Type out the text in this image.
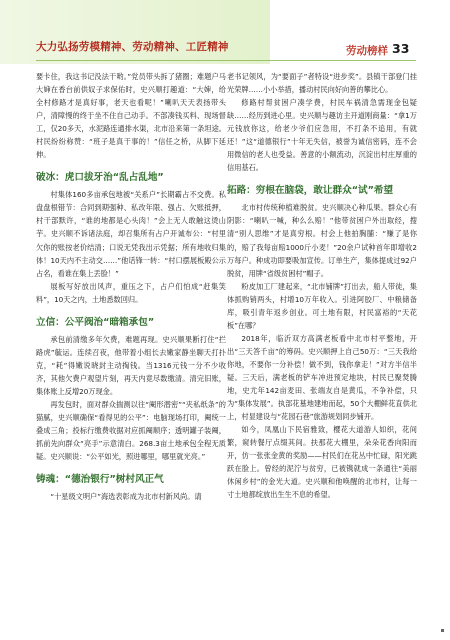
大力弘扬劳模精神、劳动精神、工匠精神	劳动榜样 33

要卡住，我这书记没法干哟。”党员带头拆了猪圈；难题户马大婶在香台前供奴子求保佑时，史兴顺打趣道：“大婶，给全村修路才是真好事，老天也看呢！”喇叭天天表扬带头户，清障慢的终于坐不住自己动手。不部凑钱买料、现场督工，仅20多天，水泥路连通排水渠，北市沿来第一条坦途。村民纷纷称赞：“班子是真干事的！”信任之桥，从脚下延伸。

破冰：虎口拔牙治“乱占乱地”

村集体160多亩承包地被“关系户”长期霸占不交费。私盘盘根错节：合同到期强种、私改年限、强占、欠账抵押，村干部默许，“谁的地都是心头肉！”会上无人敢触这烫山芋。史兴顺不诉诸法庭，却召集所有占户开诚布公：“村里欠你的账按老价结清；口说无凭我出示凭据；所有地收归集体！10天内不主动交……”他话锋一转：“村口摆展板殿公示占名，看谁在集上丢脸！”

展板写好放出风声，重压之下，占户们怕成“赶集笑料”，10天之内，土地悉数回归。

立信：公平阀治“暗箱承包”

承包前清缴多年欠费，难题再现。史兴顺果断打住“拦路虎”毓运。连续召夜，他带着小组长去嫩家静坐聊天打扑克，“耗”得嫩说晓封主动掏钱。当1316元钱一分不少收齐，其他欠费户观望片刻，再天内竟尽数缴清。清完旧账，集体账上反增20万现金。

再发包时，面对群众揣测以往“阉形潜密”“夹私纸条”的猫腻，史兴顺确保“看得见的公平”：电脑现场打印，阉统一叠成三角；投标行缴费收据对应抓阉顺序；透明罐子装阉，抓前先向群众“亮手”示意清白。268.3亩土地承包全程无质疑。史兴顺说：“公平如光，照进哪里，哪里就光亮。”

铸魂：“德治银行”树村风正气

“十星级文明户”海选表彰成为北市村新风尚。请

老书记领风，为“要面子”者特设“进步奖”。县镇干部登门挂光荣牌……小小举措，播动村民向好向善的攀比心。

修路村帮贫困户凑学费，村民车祸清急需现金包疑缺……经历到进心里。史兴顺与趣访主开道刚商量：“拿1万元钱放你这，给老少爷们应急用，不打条不追用，有就还！”这“道德银行”十年无失信，被誉为诚信密码，连不会用微信的老人也受益。善意的小额流动，沉淀出村庄厚重的信用基石。

拓路：穷根在脑袋，敢让群众“试”希望

北市村传统种植难脱贫。史兴顺决心种瓜果。群众心有阴影：“喇叭一喊，种么么赔！”他带贫困户外出取经，搜清“别人思维”才是真穷根。村会上他拍胸脯：“赚了是你的，赔了我每亩赔1000斤小麦！”20余户试种首年即增收2万每户。种成功即要吸加宣传。订单生产，集体提成过92户脱贫，用牌“省级贫困村”帽子。

粉皮加工厂建起来，“北市铺牌”打出去，船人带徒，集体抓购销两头，村增10万年收入。引进阿胶厂、中粮储备库，吸引青年返乡创业。可土地有限，村民富裕的“天花板”在哪？

2018年，临沂双方高满老板看中北市村平整地，开出“三天答千亩”的筹码。史兴顺押上自己50万：“三天我给你地，不要你一分补偿！做不到，钱你拿走！”对方半信半疑。三天后，满老板的铲车冲进预定地块，村民已聚焚腾地，史尤年142亩麦田、张端友自是黄瓜，不争补偿，只为“集体发展”。执部花墓地建地而起，50个大棚鲜花直供北上，村显建设与“花园石巷”旅游规划同步铺开。

如今，凤凰山下民宿雅致，樱花大道游人如织，花间繁，窥转餐厅点缀其间。扶那花大棚里，朵朵花香向阳而开，仿一张张金黄的奖励——村民们在花丛中忙碌，阳光跳跃在脸上。曾经的泥泞与贫穷，已被镌就成一条通往“美丽休闲乡村”的金光大道。史兴顺和他唤醒的北市村，让每一寸土地都绽放出生生不息的希望。
